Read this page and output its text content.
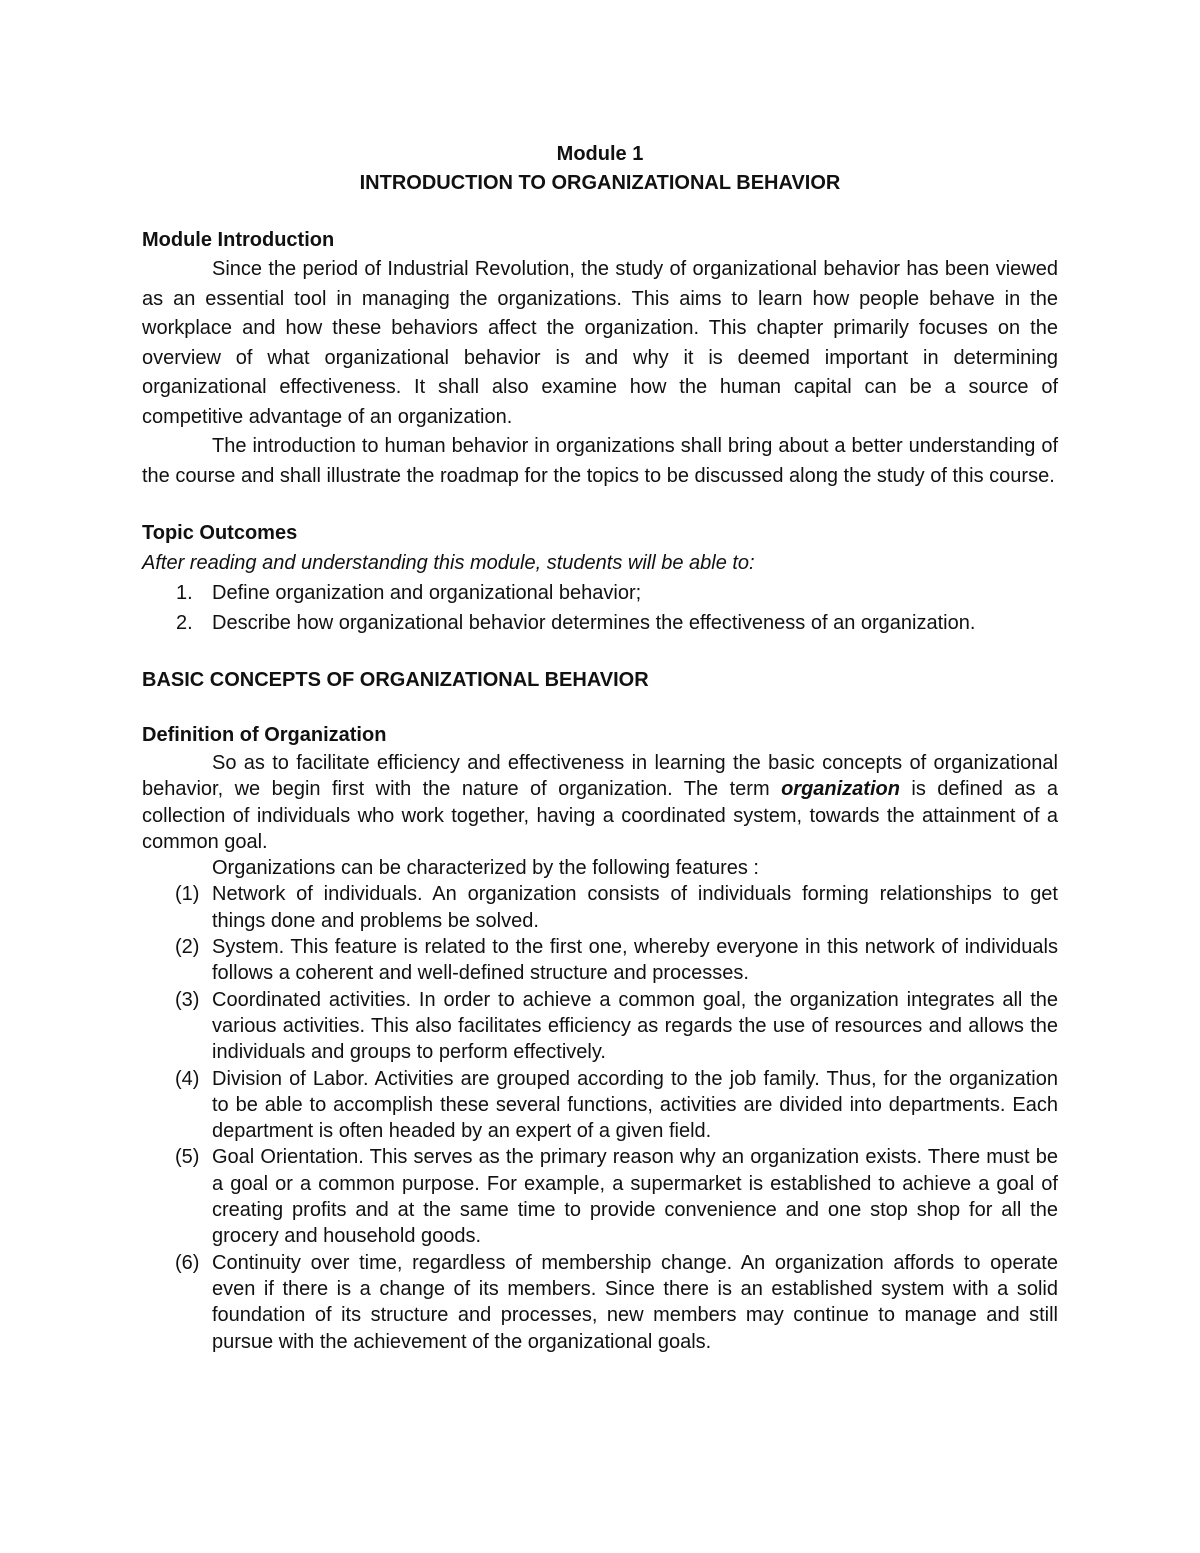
Module 1
INTRODUCTION TO ORGANIZATIONAL BEHAVIOR
Module Introduction

Since the period of Industrial Revolution, the study of organizational behavior has been viewed as an essential tool in managing the organizations. This aims to learn how people behave in the workplace and how these behaviors affect the organization. This chapter primarily focuses on the overview of what organizational behavior is and why it is deemed important in determining organizational effectiveness. It shall also examine how the human capital can be a source of competitive advantage of an organization.

The introduction to human behavior in organizations shall bring about a better understanding of the course and shall illustrate the roadmap for the topics to be discussed along the study of this course.

Topic Outcomes

After reading and understanding this module, students will be able to:

1. Define organization and organizational behavior;
2. Describe how organizational behavior determines the effectiveness of an organization.
BASIC CONCEPTS OF ORGANIZATIONAL BEHAVIOR
Definition of Organization

So as to facilitate efficiency and effectiveness in learning the basic concepts of organizational behavior, we begin first with the nature of organization. The term organization is defined as a collection of individuals who work together, having a coordinated system, towards the attainment of a common goal.

Organizations can be characterized by the following features :

(1) Network of individuals. An organization consists of individuals forming relationships to get things done and problems be solved.
(2) System. This feature is related to the first one, whereby everyone in this network of individuals follows a coherent and well-defined structure and processes.
(3) Coordinated activities. In order to achieve a common goal, the organization integrates all the various activities. This also facilitates efficiency as regards the use of resources and allows the individuals and groups to perform effectively.
(4) Division of Labor. Activities are grouped according to the job family. Thus, for the organization to be able to accomplish these several functions, activities are divided into departments. Each department is often headed by an expert of a given field.
(5) Goal Orientation. This serves as the primary reason why an organization exists. There must be a goal or a common purpose. For example, a supermarket is established to achieve a goal of creating profits and at the same time to provide convenience and one stop shop for all the grocery and household goods.
(6) Continuity over time, regardless of membership change. An organization affords to operate even if there is a change of its members. Since there is an established system with a solid foundation of its structure and processes, new members may continue to manage and still pursue with the achievement of the organizational goals.
